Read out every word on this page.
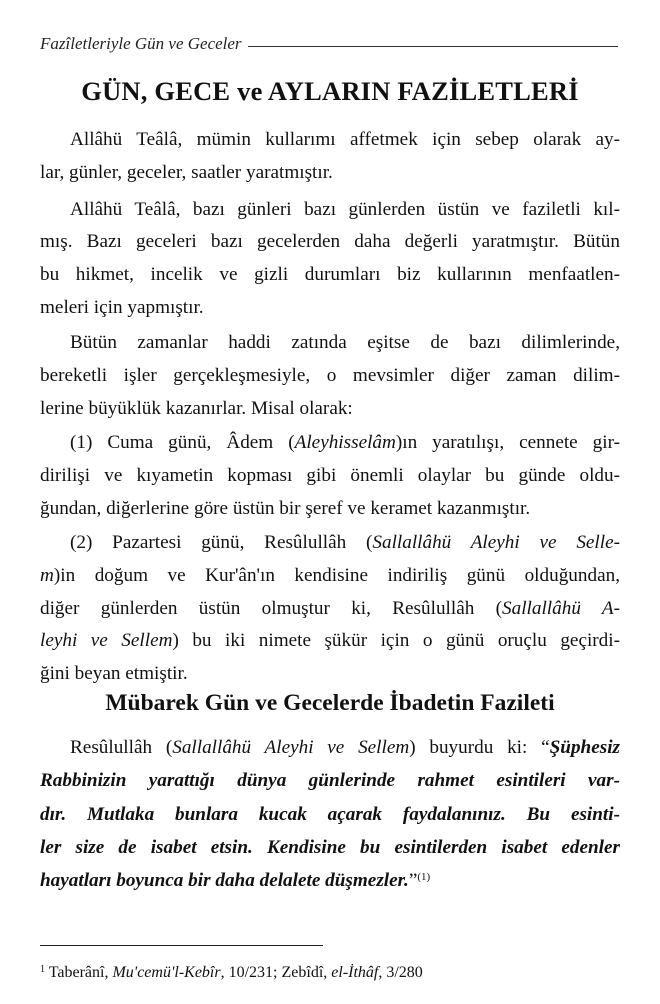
Fazîletleriyle Gün ve Geceler
GÜN, GECE ve AYLARIN FAZİLETLERİ
Allâhü Teâlâ, mümin kullarımı affetmek için sebep olarak ay-
lar, günler, geceler, saatler yaratmıştır.
Allâhü Teâlâ, bazı günleri bazı günlerden üstün ve faziletli kıl-
mış. Bazı geceleri bazı gecelerden daha değerli yaratmıştır. Bütün
bu hikmet, incelik ve gizli durumları biz kullarının menfaatlen-
meleri için yapmıştır.
Bütün zamanlar haddi zatında eşitse de bazı dilimlerinde,
bereketli işler gerçekleşmesiyle, o mevsimler diğer zaman dilim-
lerine büyüklük kazanırlar. Misal olarak:
(1) Cuma günü, Âdem (Aleyhisselâm)ın yaratılışı, cennete gir-
dirilişi ve kıyametin kopması gibi önemli olaylar bu günde oldu-
ğundan, diğerlerine göre üstün bir şeref ve keramet kazanmıştır.
(2) Pazartesi günü, Resûlullâh (Sallallâhü Aleyhi ve Selle-
m)in doğum ve Kur'ân'ın kendisine indiriliş günü olduğundan,
diğer günlerden üstün olmuştur ki, Resûlullâh (Sallallâhü A-
leyhi ve Sellem) bu iki nimete şükür için o günü oruçlu geçirdi-
ğini beyan etmiştir.
Mübarek Gün ve Gecelerde İbadetin Fazileti
Resûlullâh (Sallallâhü Aleyhi ve Sellem) buyurdu ki: “Şüphesiz
Rabbinizin yarattığı dünya günlerinde rahmet esintileri var-
dır. Mutlaka bunlara kucak açarak faydalanınız. Bu esinti-
ler size de isabet etsin. Kendisine bu esintilerden isabet edenler
hayatları boyunca bir daha delalete düşmezler.”$^{(1)}$
$^1$ Taberânî, Mu'cemü'l-Kebîr, 10/231; Zebîdî, el-İthâf, 3/280
